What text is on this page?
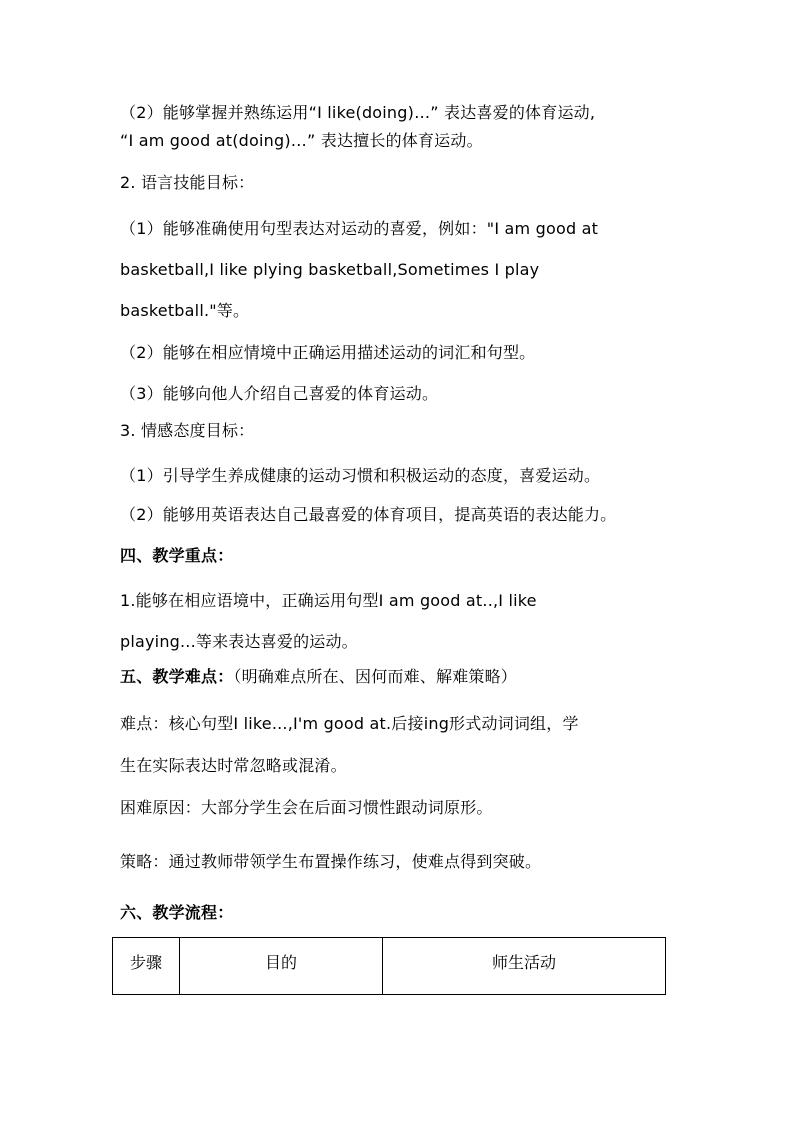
（2）能够掌握并熟练运用“I like(doing)…” 表达喜爱的体育运动,
“I am good at(doing)…” 表达擅长的体育运动。
2. 语言技能目标：
（1）能够准确使用句型表达对运动的喜爱，例如："I am good at
basketball,I like plying basketball,Sometimes I play
basketball."等。
（2）能够在相应情境中正确运用描述运动的词汇和句型。
（3）能够向他人介绍自己喜爱的体育运动。
3. 情感态度目标：
（1）引导学生养成健康的运动习惯和积极运动的态度，喜爱运动。
（2）能够用英语表达自己最喜爱的体育项目，提高英语的表达能力。
四、教学重点：
1.能够在相应语境中，正确运用句型I am good at..,I like
playing...等来表达喜爱的运动。
五、教学难点：（明确难点所在、因何而难、解难策略）
难点：核心句型I like...,I'm good at.后接ing形式动词词组，学
生在实际表达时常忽略或混淆。
困难原因：大部分学生会在后面习惯性跟动词原形。
策略：通过教师带领学生布置操作练习，使难点得到突破。
六、教学流程：
步骤	目的	师生活动
